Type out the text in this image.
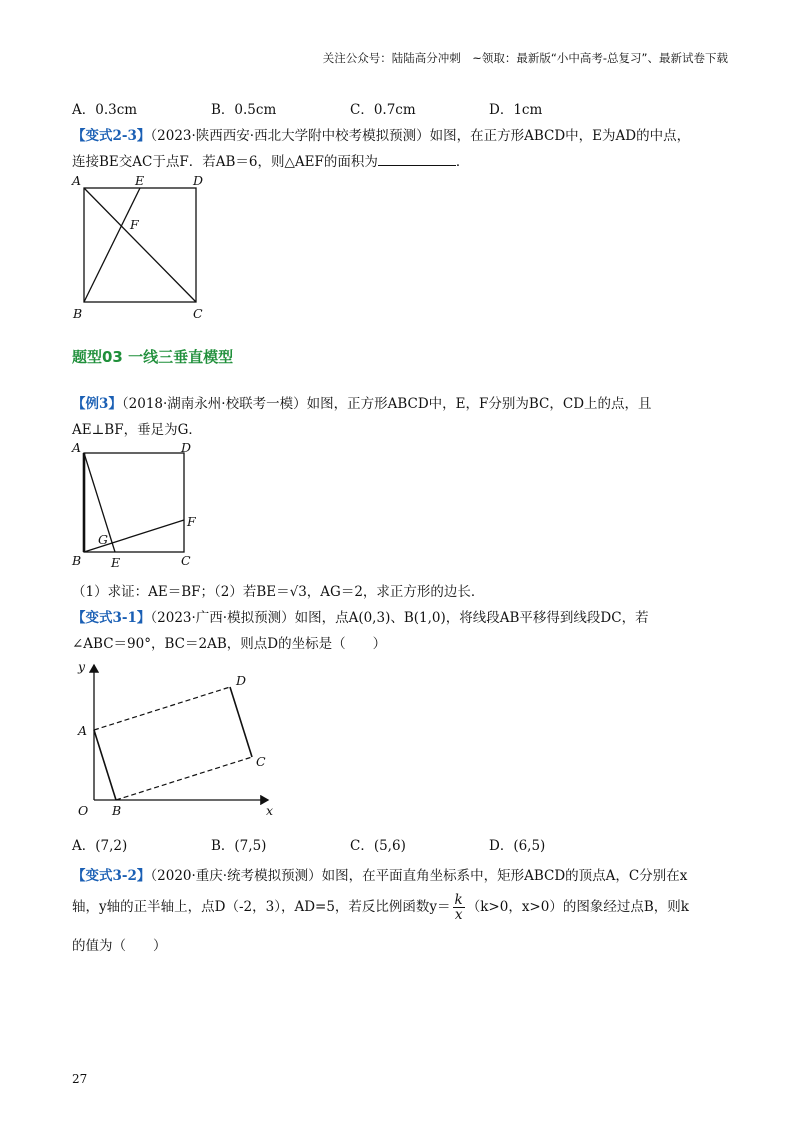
关注公众号：陆陆高分冲刺　~领取：最新版“小中高考-总复习”、最新试卷下载
A．0.3cm	B．0.5cm	C．0.7cm	D．1cm
【变式2-3】（2023·陕西西安·西北大学附中校考模拟预测）如图，在正方形ABCD中，E为AD的中点，
连接BE交AC于点F．若AB＝6，则△AEF的面积为	．
A	E	D
F
B	C
题型03 一线三垂直模型
【例3】（2018·湖南永州·校联考一模）如图，正方形ABCD中，E，F分别为BC，CD上的点，且
AE⊥BF，垂足为G．
A	D
F
G
B E	C
（1）求证：AE＝BF；（2）若BE＝√3，AG＝2，求正方形的边长．
【变式3-1】（2023·广西·模拟预测）如图，点A(0,3)、B(1,0)，将线段AB平移得到线段DC，若
∠ABC＝90°，BC＝2AB，则点D的坐标是（　　）
y
A
D
C
O B	x
A．(7,2)	B．(7,5)	C．(5,6)	D．(6,5)
【变式3-2】（2020·重庆·统考模拟预测）如图，在平面直角坐标系中，矩形ABCD的顶点A，C分别在x
轴，y轴的正半轴上，点D（-2，3），AD=5，若反比例函数$y= \frac{k}{x} (k>0$，x>0）的图象经过点B，则k
的值为（　　）
27
